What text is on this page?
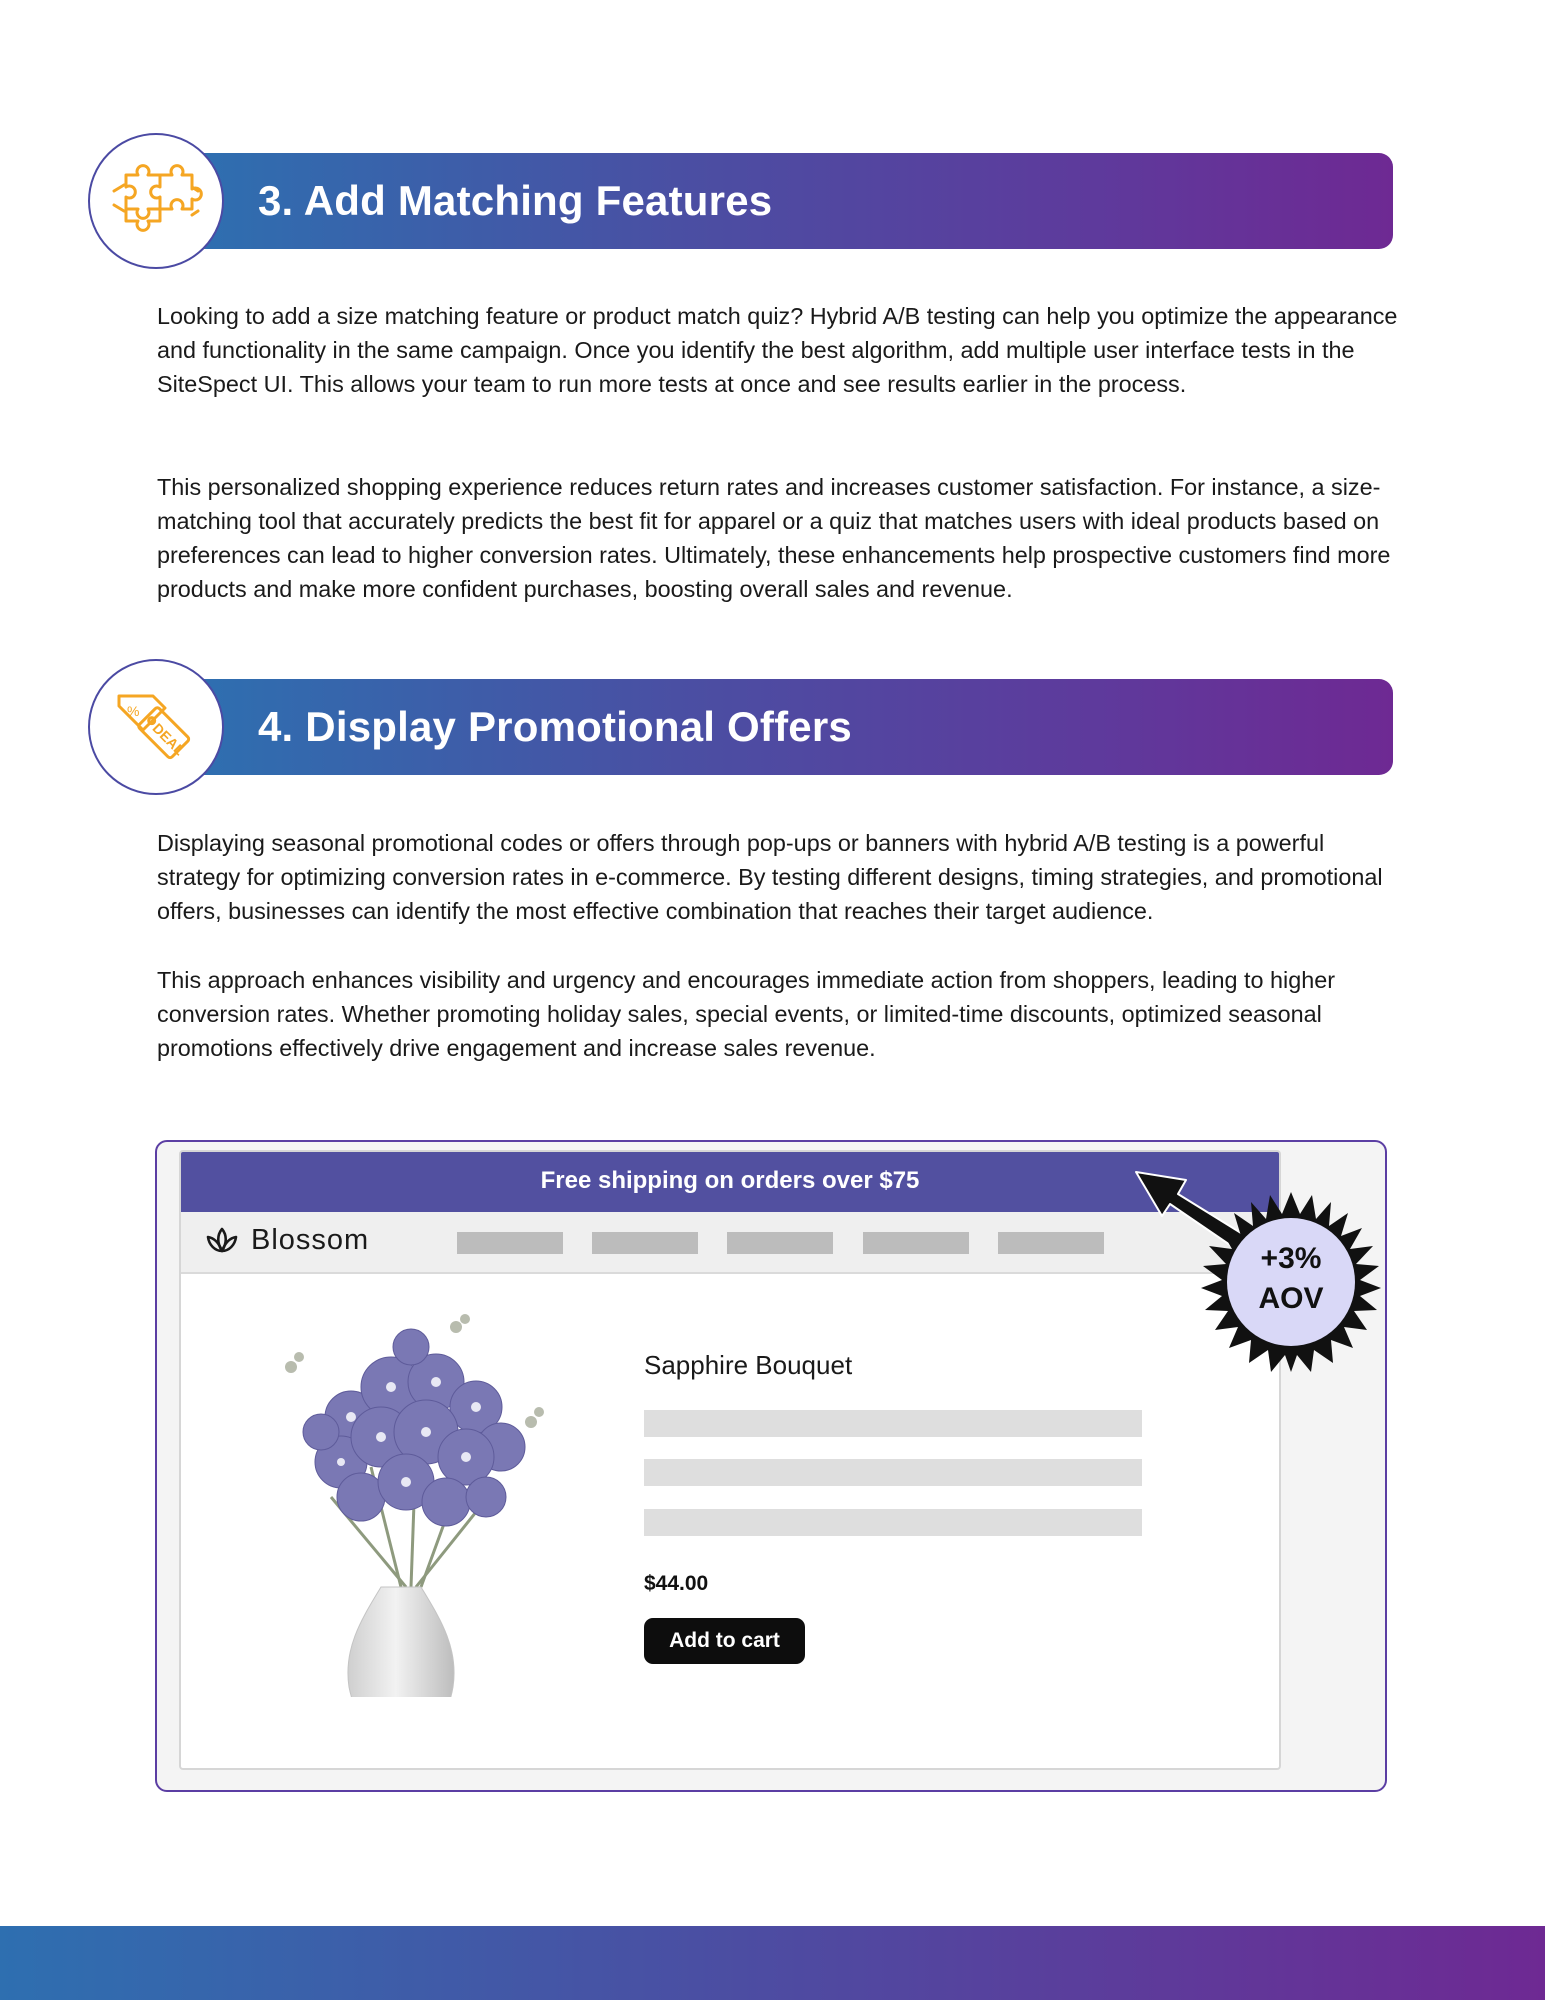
3. Add Matching Features

Looking to add a size matching feature or product match quiz? Hybrid A/B testing can help you optimize the appearance and functionality in the same campaign. Once you identify the best algorithm, add multiple user interface tests in the SiteSpect UI. This allows your team to run more tests at once and see results earlier in the process.

This personalized shopping experience reduces return rates and increases customer satisfaction. For instance, a size-matching tool that accurately predicts the best fit for apparel or a quiz that matches users with ideal products based on preferences can lead to higher conversion rates. Ultimately, these enhancements help prospective customers find more products and make more confident purchases, boosting overall sales and revenue.

4. Display Promotional Offers
%
DEAL

Displaying seasonal promotional codes or offers through pop-ups or banners with hybrid A/B testing is a powerful strategy for optimizing conversion rates in e-commerce. By testing different designs, timing strategies, and promotional offers, businesses can identify the most effective combination that reaches their target audience.

This approach enhances visibility and urgency and encourages immediate action from shoppers, leading to higher conversion rates. Whether promoting holiday sales, special events, or limited-time discounts, optimized seasonal promotions effectively drive engagement and increase sales revenue.

Free shipping on orders over $75
Blossom
Sapphire Bouquet
$44.00
Add to cart
+3%
AOV
